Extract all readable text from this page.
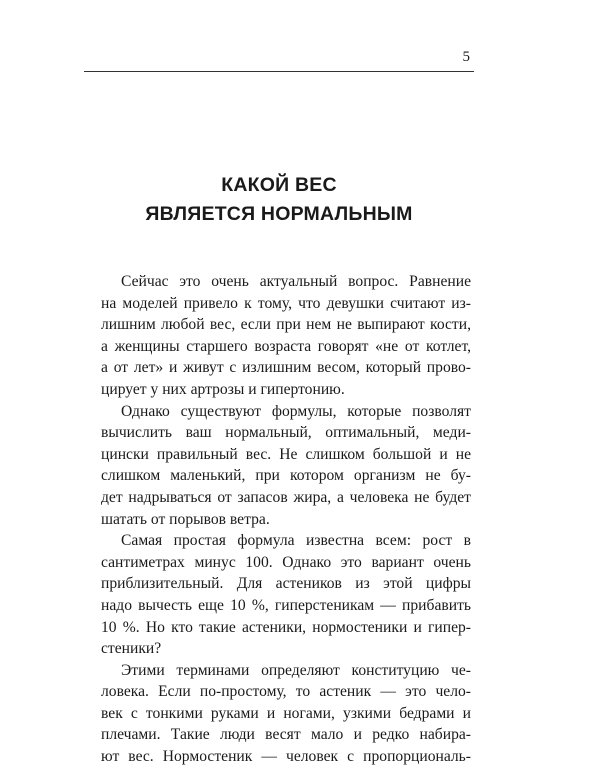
5
КАКОЙ ВЕС
ЯВЛЯЕТСЯ НОРМАЛЬНЫМ

Сейчас это очень актуальный вопрос. Равнение
на моделей привело к тому, что девушки считают из-
лишним любой вес, если при нем не выпирают кости,
а женщины старшего возраста говорят «не от котлет,
а от лет» и живут с излишним весом, который прово-
цирует у них артрозы и гипертонию.

Однако существуют формулы, которые позволят
вычислить ваш нормальный, оптимальный, меди-
цински правильный вес. Не слишком большой и не
слишком маленький, при котором организм не бу-
дет надрываться от запасов жира, а человека не будет
шатать от порывов ветра.

Самая простая формула известна всем: рост в
сантиметрах минус 100. Однако это вариант очень
приблизительный. Для астеников из этой цифры
надо вычесть еще 10 %, гиперстеникам — прибавить
10 %. Но кто такие астеники, нормостеники и гипер-
стеники?

Этими терминами определяют конституцию че-
ловека. Если по-простому, то астеник — это чело-
век с тонкими руками и ногами, узкими бедрами и
плечами. Такие люди весят мало и редко набира-
ют вес. Нормостеник — человек с пропорциональ-
